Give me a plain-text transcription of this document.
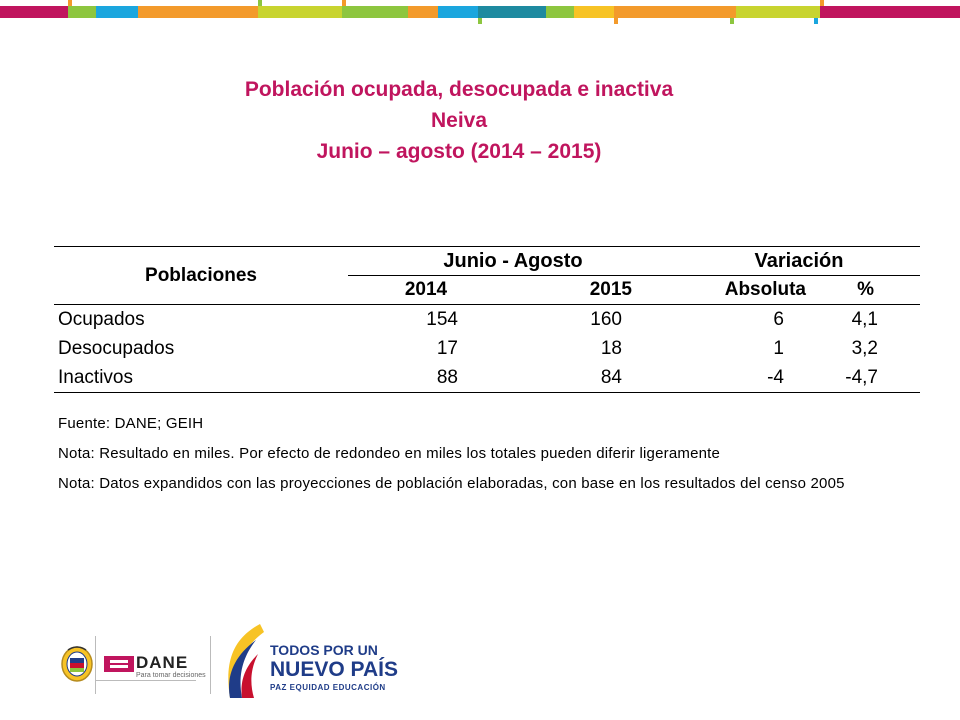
Población ocupada, desocupada e inactiva
Neiva
Junio – agosto (2014 – 2015)
Poblaciones	Junio - Agosto		Variación	
	2014	2015	Absoluta	%
Ocupados	154	160	6	4,1
Desocupados	17	18	1	3,2
Inactivos	88	84	-4	-4,7
Fuente: DANE; GEIH
Nota: Resultado en miles. Por efecto de redondeo en miles los totales pueden diferir ligeramente
Nota: Datos expandidos con las proyecciones de población elaboradas, con base en los resultados del censo 2005
DANE
Para tomar decisiones
TODOS POR UN
NUEVO PAÍS
PAZ EQUIDAD EDUCACIÓN
